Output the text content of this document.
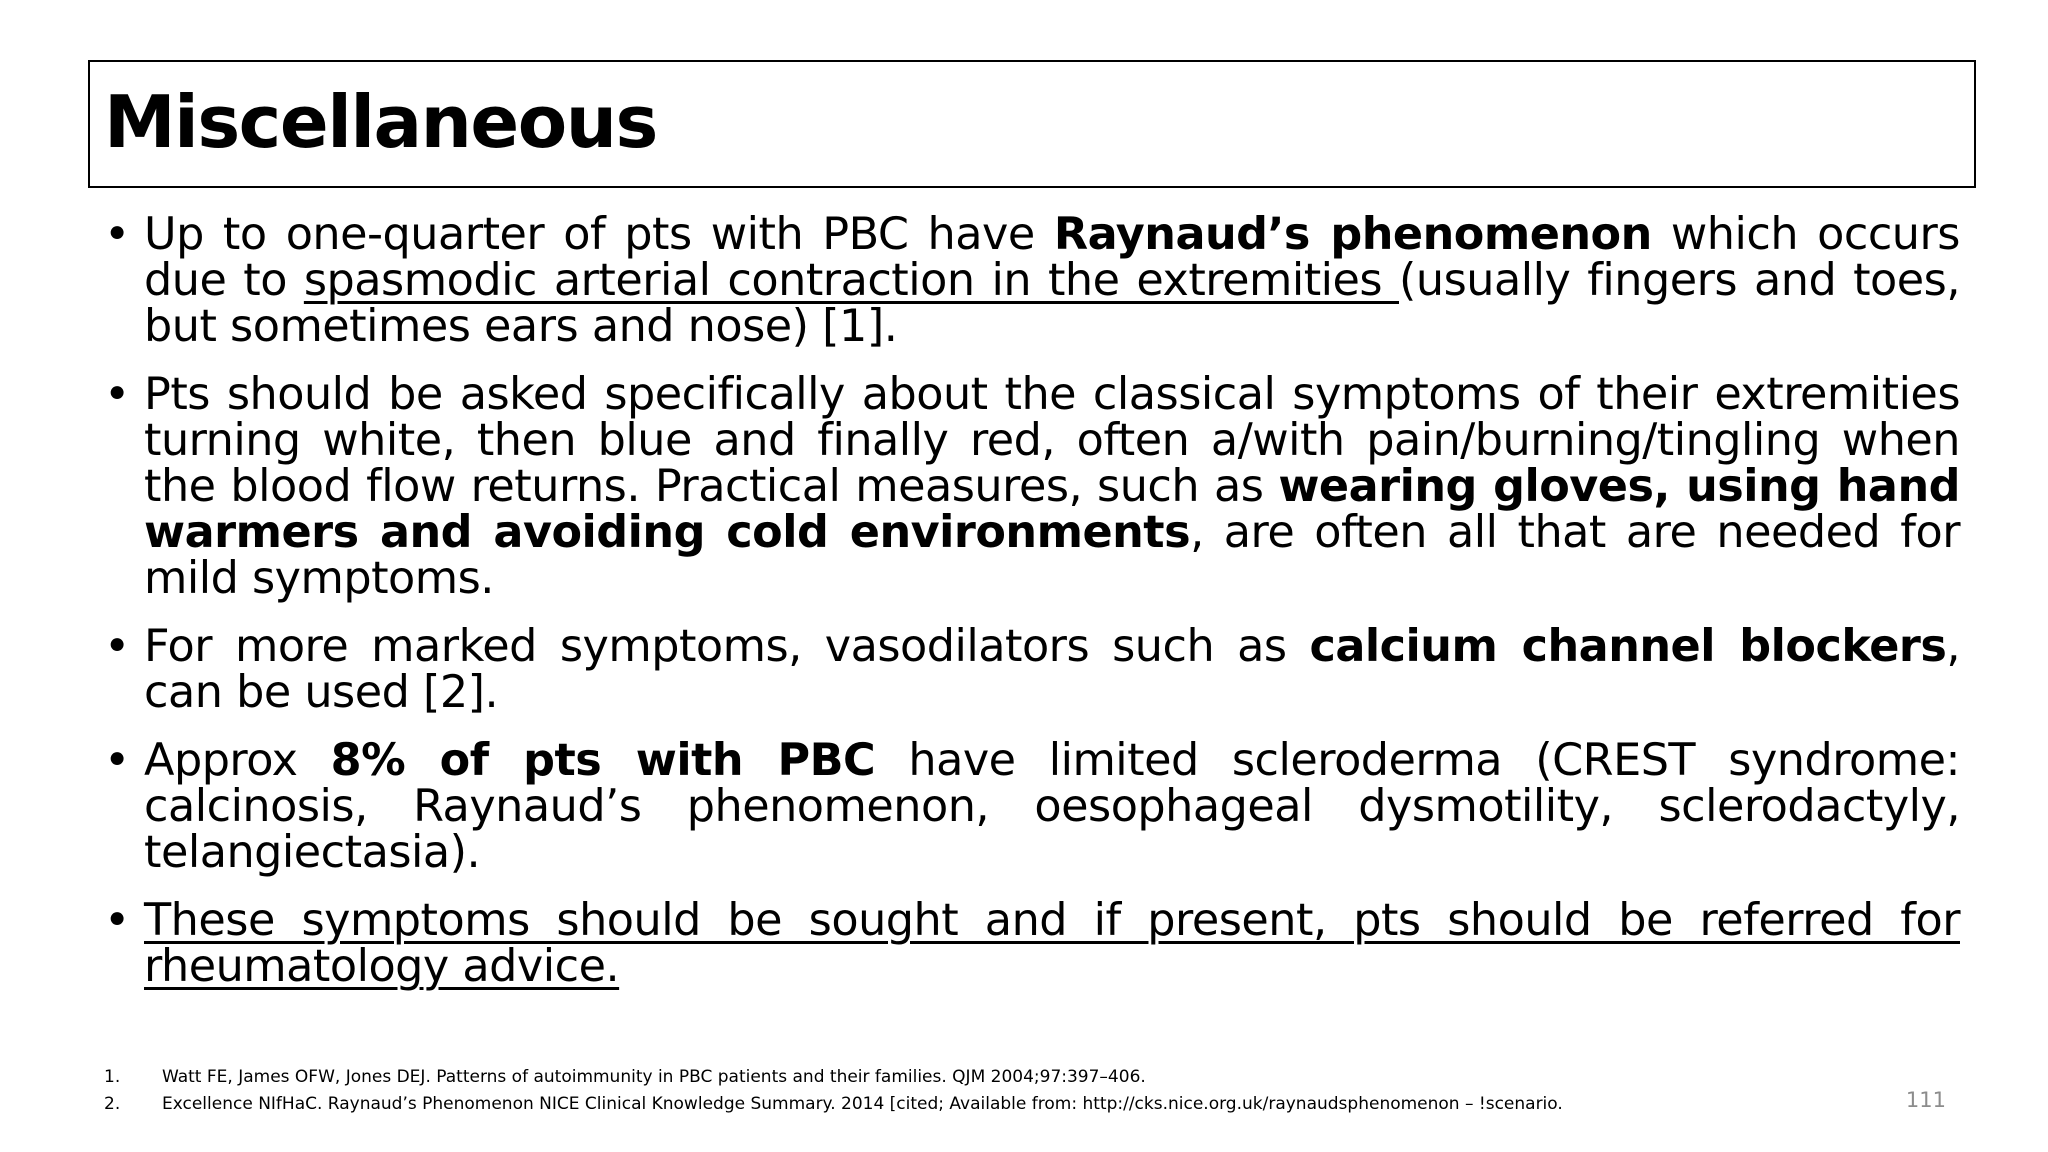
Miscellaneous
• Up to one-quarter of pts with PBC have Raynaud’s phenomenon which occurs due to spasmodic arterial contraction in the extremities (usually fingers and toes, but sometimes ears and nose) [1].
• Pts should be asked specifically about the classical symptoms of their extremities turning white, then blue and finally red, often a/with pain/burning/tingling when the blood flow returns. Practical measures, such as wearing gloves, using hand warmers and avoiding cold environments, are often all that are needed for mild symptoms.
• For more marked symptoms, vasodilators such as calcium channel blockers, can be used [2].
• Approx 8% of pts with PBC have limited scleroderma (CREST syndrome: calcinosis, Raynaud’s phenomenon, oesophageal dysmotility, sclerodactyly, telangiectasia).
• These symptoms should be sought and if present, pts should be referred for rheumatology advice.
1. Watt FE, James OFW, Jones DEJ. Patterns of autoimmunity in PBC patients and their families. QJM 2004;97:397–406.
2. Excellence NIfHaC. Raynaud’s Phenomenon NICE Clinical Knowledge Summary. 2014 [cited; Available from: http://cks.nice.org.uk/raynaudsphenomenon – !scenario.	111
